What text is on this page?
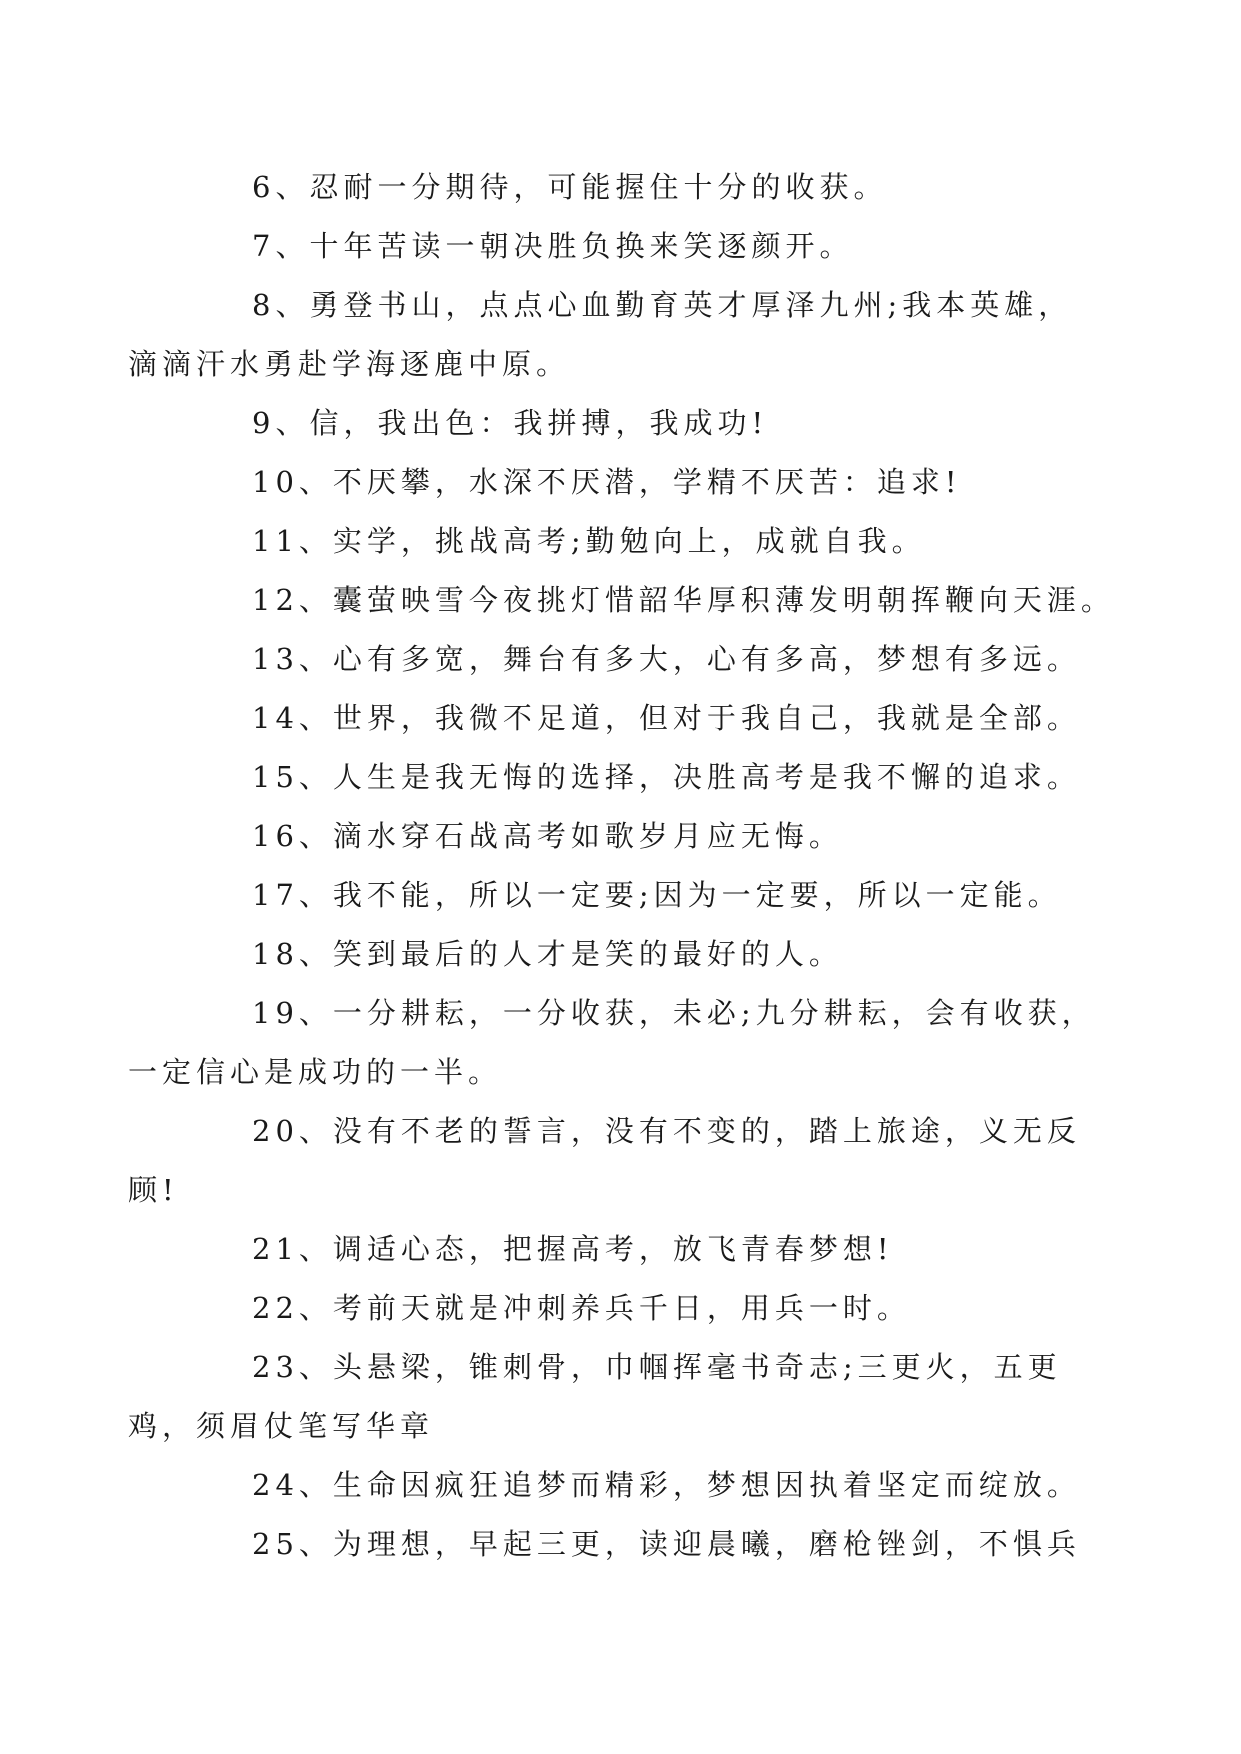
6、忍耐一分期待，可能握住十分的收获。

7、十年苦读一朝决胜负换来笑逐颜开。

8、勇登书山，点点心血勤育英才厚泽九州;我本英雄，
滴滴汗水勇赴学海逐鹿中原。

9、信，我出色：我拼搏，我成功!

10、不厌攀，水深不厌潜，学精不厌苦：追求!

11、实学，挑战高考;勤勉向上，成就自我。

12、囊萤映雪今夜挑灯惜韶华厚积薄发明朝挥鞭向天涯。

13、心有多宽，舞台有多大，心有多高，梦想有多远。

14、世界，我微不足道，但对于我自己，我就是全部。

15、人生是我无悔的选择，决胜高考是我不懈的追求。

16、滴水穿石战高考如歌岁月应无悔。

17、我不能，所以一定要;因为一定要，所以一定能。

18、笑到最后的人才是笑的最好的人。

19、一分耕耘，一分收获，未必;九分耕耘，会有收获，
一定信心是成功的一半。

20、没有不老的誓言，没有不变的，踏上旅途，义无反
顾!

21、调适心态，把握高考，放飞青春梦想!

22、考前天就是冲刺养兵千日，用兵一时。

23、头悬梁，锥刺骨，巾帼挥毫书奇志;三更火，五更
鸡，须眉仗笔写华章

24、生命因疯狂追梦而精彩，梦想因执着坚定而绽放。

25、为理想，早起三更，读迎晨曦，磨枪锉剑，不惧兵
